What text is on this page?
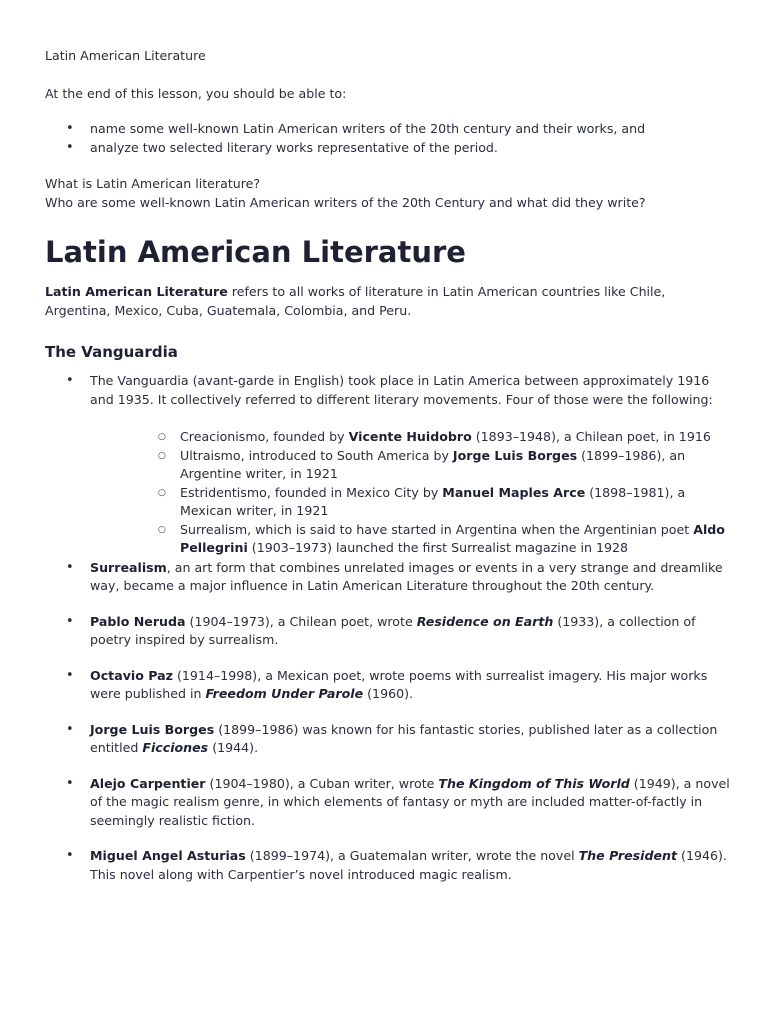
Latin American Literature

At the end of this lesson, you should be able to:

• name some well-known Latin American writers of the 20th century and their works, and
• analyze two selected literary works representative of the period.

What is Latin American literature?

Who are some well-known Latin American writers of the 20th Century and what did they write?

Latin American Literature

Latin American Literature refers to all works of literature in Latin American countries like Chile, Argentina, Mexico, Cuba, Guatemala, Colombia, and Peru.

The Vanguardia
• The Vanguardia (avant-garde in English) took place in Latin America between approximately 1916 and 1935. It collectively referred to different literary movements. Four of those were the following:
○ Creacionismo, founded by Vicente Huidobro (1893–1948), a Chilean poet, in 1916
○ Ultraismo, introduced to South America by Jorge Luis Borges (1899–1986), an Argentine writer, in 1921
○ Estridentismo, founded in Mexico City by Manuel Maples Arce (1898–1981), a Mexican writer, in 1921
○ Surrealism, which is said to have started in Argentina when the Argentinian poet Aldo Pellegrini (1903–1973) launched the first Surrealist magazine in 1928
• Surrealism, an art form that combines unrelated images or events in a very strange and dreamlike way, became a major influence in Latin American Literature throughout the 20th century.
• Pablo Neruda (1904–1973), a Chilean poet, wrote Residence on Earth (1933), a collection of poetry inspired by surrealism.
• Octavio Paz (1914–1998), a Mexican poet, wrote poems with surrealist imagery. His major works were published in Freedom Under Parole (1960).
• Jorge Luis Borges (1899–1986) was known for his fantastic stories, published later as a collection entitled Ficciones (1944).
• Alejo Carpentier (1904–1980), a Cuban writer, wrote The Kingdom of This World (1949), a novel of the magic realism genre, in which elements of fantasy or myth are included matter-of-factly in seemingly realistic fiction.
• Miguel Angel Asturias (1899–1974), a Guatemalan writer, wrote the novel The President (1946). This novel along with Carpentier’s novel introduced magic realism.
